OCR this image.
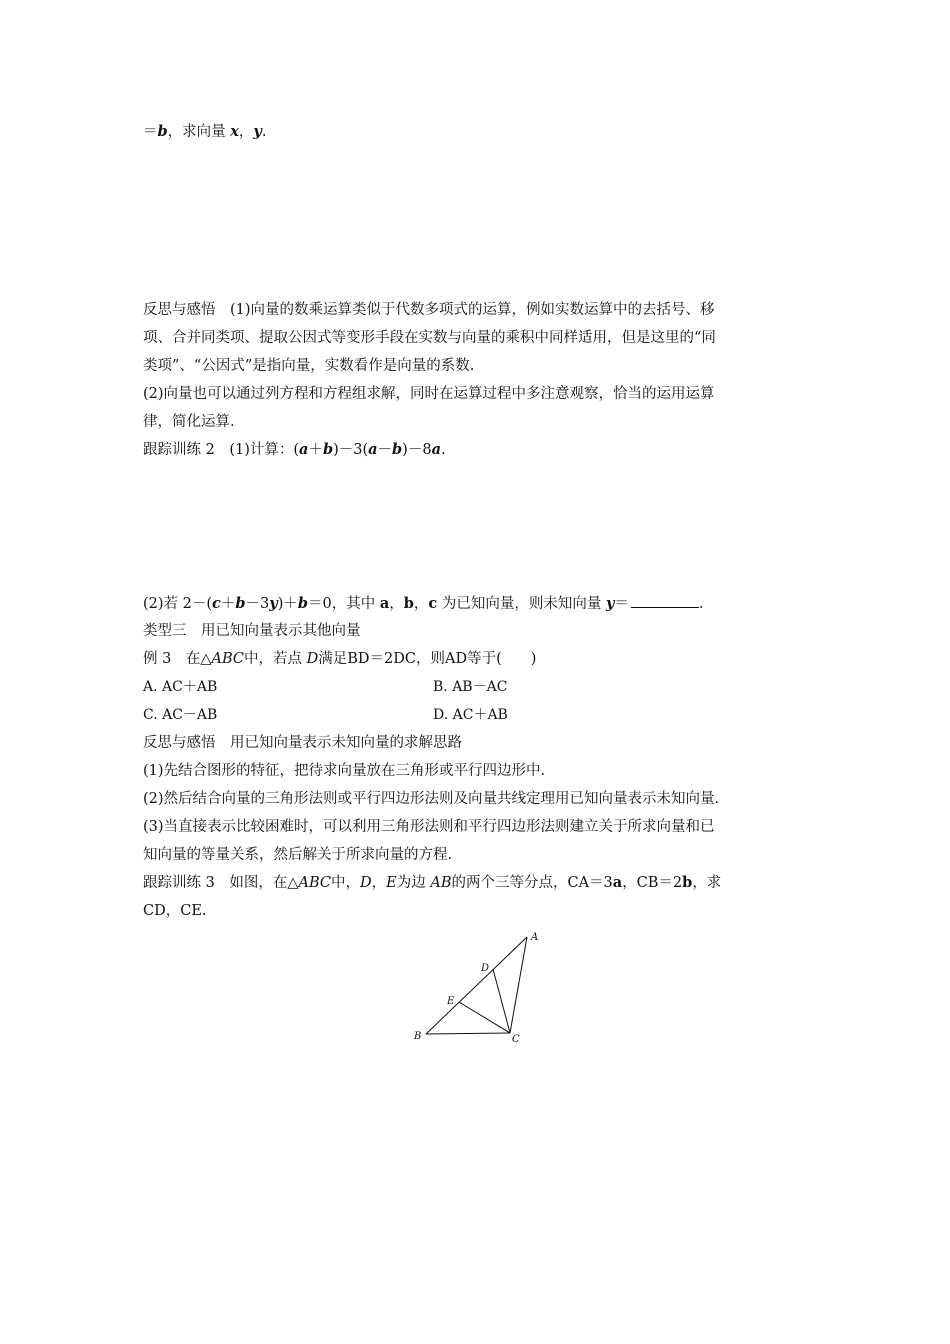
＝b，求向量 x，y.
反思与感悟　(1)向量的数乘运算类似于代数多项式的运算，例如实数运算中的去括号、移
项、合并同类项、提取公因式等变形手段在实数与向量的乘积中同样适用，但是这里的“同
类项”、“公因式”是指向量，实数看作是向量的系数.
(2)向量也可以通过列方程和方程组求解，同时在运算过程中多注意观察，恰当的运用运算
律，简化运算.
跟踪训练 2　(1)计算：(a＋b)－3(a－b)－8a.
(2)若 2－(c＋b－3y)＋b＝0，其中 a，b，c 为已知向量，则未知向量 y＝	.
类型三　用已知向量表示其他向量
例 3　在△ABC中，若点 D满足BD＝2DC，则AD等于(　　)
A. AC＋AB	B. AB－AC
C. AC－AB	D. AC＋AB
反思与感悟　用已知向量表示未知向量的求解思路
(1)先结合图形的特征，把待求向量放在三角形或平行四边形中.
(2)然后结合向量的三角形法则或平行四边形法则及向量共线定理用已知向量表示未知向量.
(3)当直接表示比较困难时，可以利用三角形法则和平行四边形法则建立关于所求向量和已
知向量的等量关系，然后解关于所求向量的方程.
跟踪训练 3　如图，在△ABC中，D，E为边 AB的两个三等分点，CA＝3a，CB＝2b，求
CD，CE.
A
B	C
D
E
